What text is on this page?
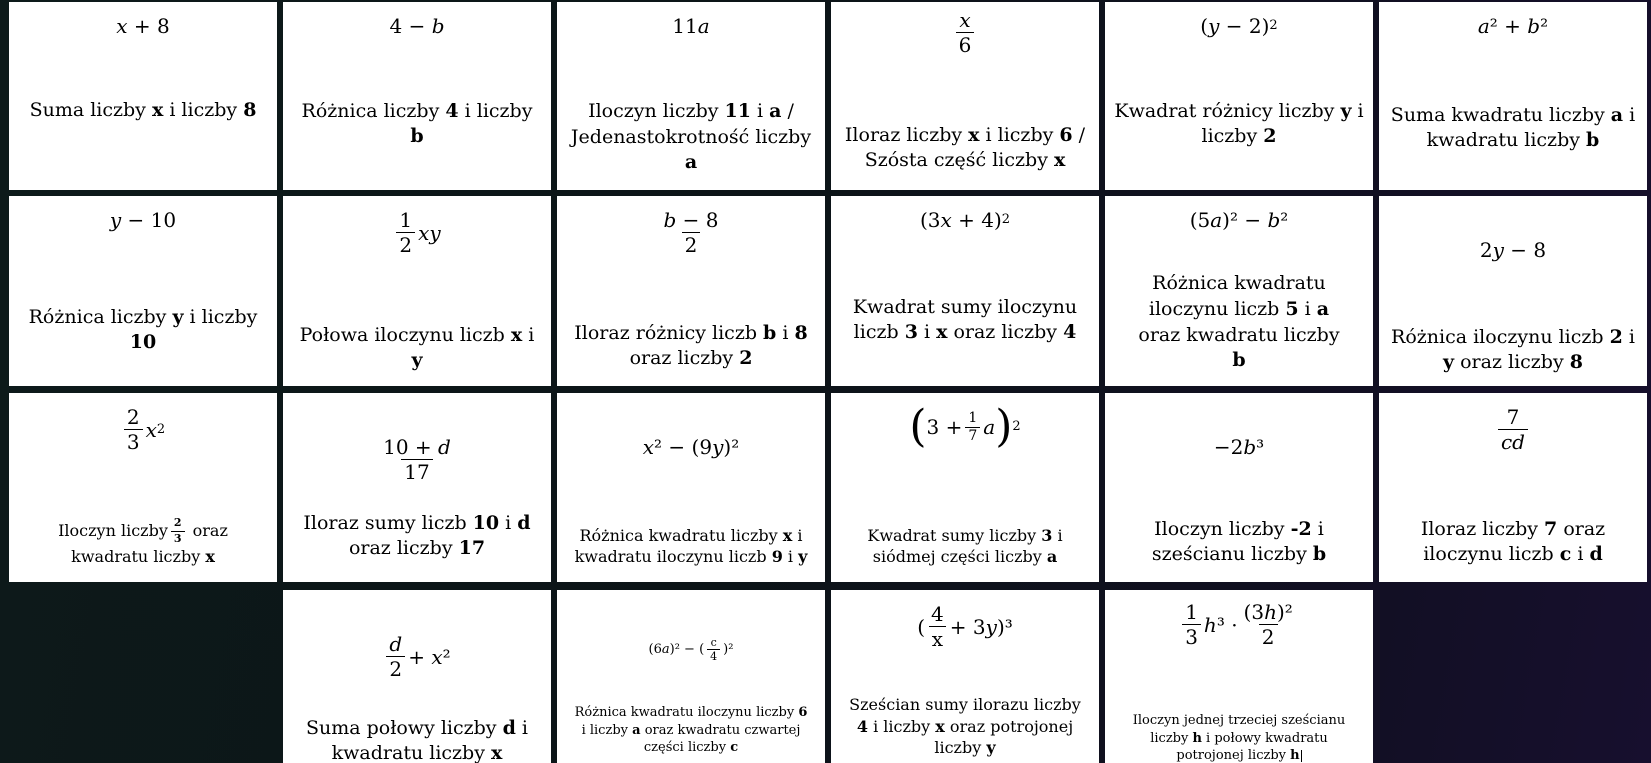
x + 8
Suma liczby x i liczby 8
4 − b
Różnica liczby 4 i liczby b
11a
Iloczyn liczby 11 i a / Jedenastokrotność liczby a
$\frac{x}{6}$
Iloraz liczby x i liczby 6 / Szósta część liczby x
(y − 2) 2
Kwadrat różnicy liczby y i liczby 2
a² + b²
Suma kwadratu liczby a i kwadratu liczby b
y − 10
Różnica liczby y i liczby 10
$\frac{1}{2}$ xy
Połowa iloczynu liczb x i y
$\frac{b - 8}{2}$
Iloraz różnicy liczb b i 8 oraz liczby 2
(3x + 4) 2
Kwadrat sumy iloczynu liczb 3 i x oraz liczby 4
(5a)² − b²
Różnica kwadratu iloczynu liczb 5 i a oraz kwadratu liczby b
2y − 8
Różnica iloczynu liczb 2 i y oraz liczby 8
$\frac{2}{3}$ x 2
Iloczyn liczby $\frac{2}{3}$ oraz kwadratu liczby x
$\frac{10 + d}{17}$
Iloraz sumy liczb 10 i d oraz liczby 17
x² − (9y)²
Różnica kwadratu liczby x i kwadratu iloczynu liczb 9 i y
( $3 + \frac{1}{7}$ a ) 2
Kwadrat sumy liczby 3 i siódmej części liczby a
−2b³
Iloczyn liczby -2 i sześcianu liczby b
$\frac{7}{cd}$
Iloraz liczby 7 oraz iloczynu liczb c i d
$\frac{d}{2} + x^2$
Suma połowy liczby d i kwadratu liczby x
(6a)² − ( $\frac{c}{4} )^2$
Różnica kwadratu iloczynu liczby 6 i liczby a oraz kwadratu czwartej części liczby c
( $\frac{4}{x} + 3y)^3$
Sześcian sumy ilorazu liczby 4 i liczby x oraz potrojonej liczby y
$\frac{1}{3} h^3 \cdot \frac{\text{(3h)²}}{2}$
Iloczyn jednej trzeciej sześcianu liczby h i połowy kwadratu potrojonej liczby h
